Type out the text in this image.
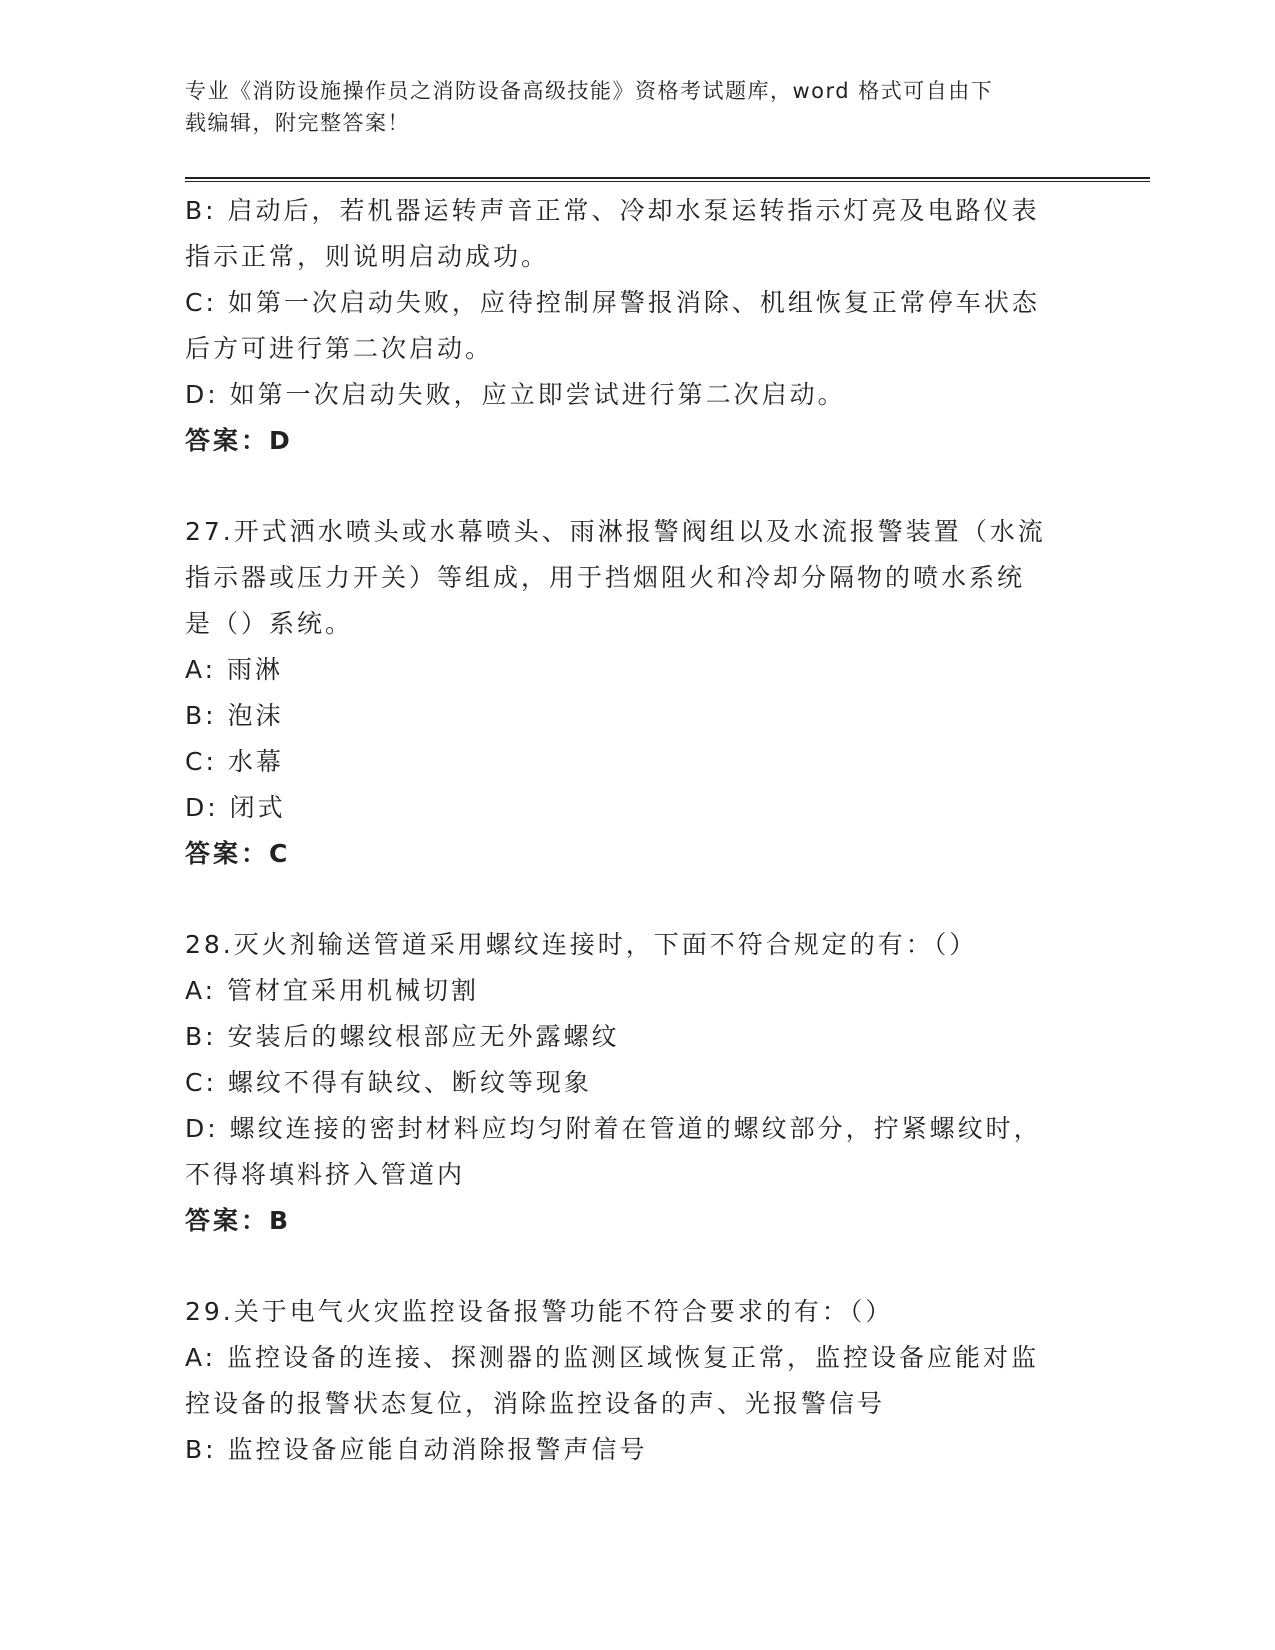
专业《消防设施操作员之消防设备高级技能》资格考试题库，word 格式可自由下
载编辑，附完整答案！
B: 启动后，若机器运转声音正常、冷却水泵运转指示灯亮及电路仪表
指示正常，则说明启动成功。
C: 如第一次启动失败，应待控制屏警报消除、机组恢复正常停车状态
后方可进行第二次启动。
D: 如第一次启动失败，应立即尝试进行第二次启动。
答案：D
27.开式洒水喷头或水幕喷头、雨淋报警阀组以及水流报警装置（水流
指示器或压力开关）等组成，用于挡烟阻火和冷却分隔物的喷水系统
是（）系统。
A: 雨淋
B: 泡沫
C: 水幕
D: 闭式
答案：C
28.灭火剂输送管道采用螺纹连接时，下面不符合规定的有：（）
A: 管材宜采用机械切割
B: 安装后的螺纹根部应无外露螺纹
C: 螺纹不得有缺纹、断纹等现象
D: 螺纹连接的密封材料应均匀附着在管道的螺纹部分，拧紧螺纹时，
不得将填料挤入管道内
答案：B
29.关于电气火灾监控设备报警功能不符合要求的有：（）
A: 监控设备的连接、探测器的监测区域恢复正常，监控设备应能对监
控设备的报警状态复位，消除监控设备的声、光报警信号
B: 监控设备应能自动消除报警声信号
